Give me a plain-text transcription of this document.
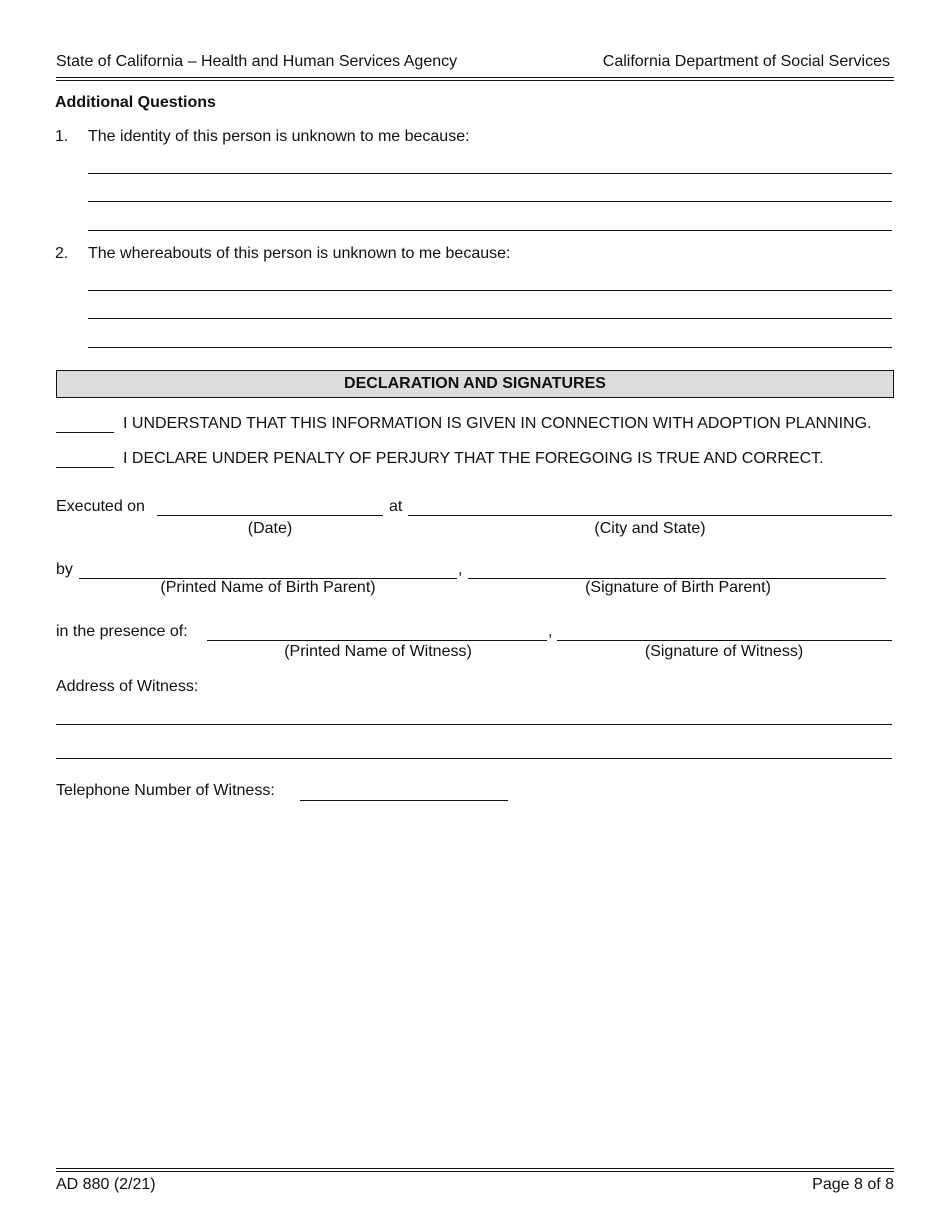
State of California – Health and Human Services Agency	California Department of Social Services
Additional Questions
1. The identity of this person is unknown to me because:
2. The whereabouts of this person is unknown to me because:
DECLARATION AND SIGNATURES
I UNDERSTAND THAT THIS INFORMATION IS GIVEN IN CONNECTION WITH ADOPTION PLANNING.
I DECLARE UNDER PENALTY OF PERJURY THAT THE FOREGOING IS TRUE AND CORRECT.
Executed on	at
(Date)	(City and State)
by	,
(Printed Name of Birth Parent)	(Signature of Birth Parent)
in the presence of:	,
(Printed Name of Witness)	(Signature of Witness)
Address of Witness:
Telephone Number of Witness:
AD 880 (2/21)	Page 8 of 8
